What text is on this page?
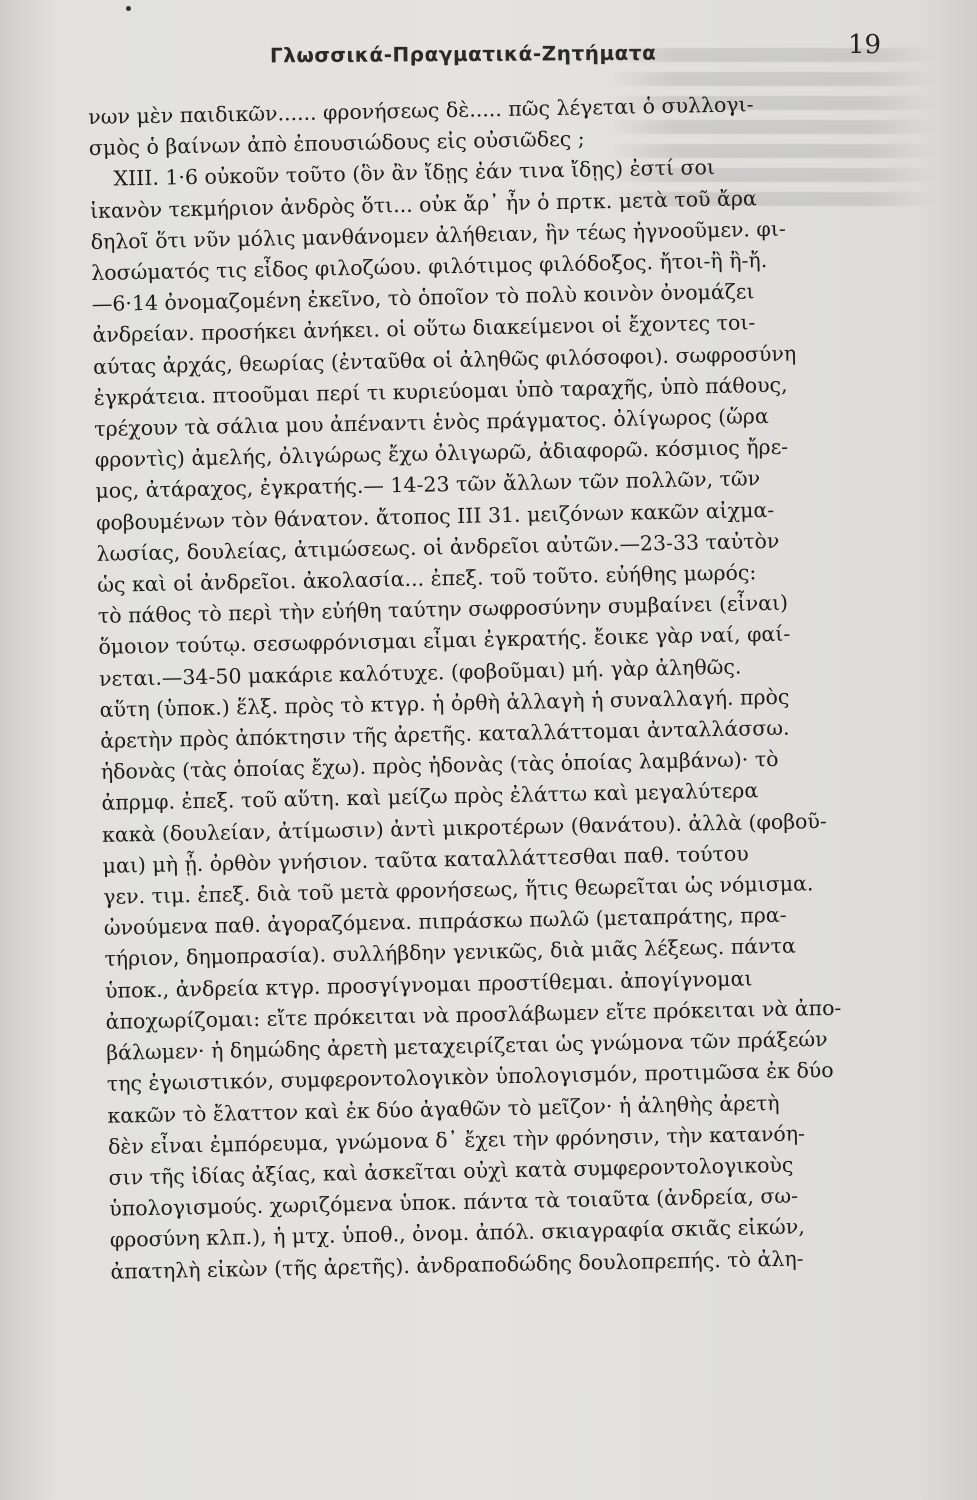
Γλωσσικά-Πραγματικά-Ζητήματα	19
νων μὲν παιδικῶν...... φρονήσεως δὲ..... πῶς λέγεται ὁ συλλογι-
σμὸς ὁ βαίνων ἀπὸ ἐπουσιώδους εἰς οὐσιῶδες ;
XIII. 1·6 οὐκοῦν τοῦτο (ὃν ἂν ἴδῃς ἐάν τινα ἴδῃς) ἐστί σοι
ἱκανὸν τεκμήριον ἀνδρὸς ὅτι... οὐκ ἄρ᾽ ἦν ὁ πρτκ. μετὰ τοῦ ἄρα
δηλοῖ ὅτι νῦν μόλις μανθάνομεν ἀλήθειαν, ἣν τέως ἠγνοοῦμεν. φι-
λοσώματός τις εἶδος φιλοζώου. φιλότιμος φιλόδοξος. ἤτοι-ἢ ἢ-ἤ.
—6·14 ὀνομαζομένη ἐκεῖνο, τὸ ὁποῖον τὸ πολὺ κοινὸν ὀνομάζει
ἀνδρείαν. προσήκει ἀνήκει. οἱ οὕτω διακείμενοι οἱ ἔχοντες τοι-
αύτας ἀρχάς, θεωρίας (ἐνταῦθα οἱ ἀληθῶς φιλόσοφοι). σωφροσύνη
ἐγκράτεια. πτοοῦμαι περί τι κυριεύομαι ὑπὸ ταραχῆς, ὑπὸ πάθους,
τρέχουν τὰ σάλια μου ἀπέναντι ἑνὸς πράγματος. ὀλίγωρος (ὥρα
φροντὶς) ἀμελής, ὀλιγώρως ἔχω ὀλιγωρῶ, ἀδιαφορῶ. κόσμιος ἤρε-
μος, ἀτάραχος, ἐγκρατής.— 14-23 τῶν ἄλλων τῶν πολλῶν, τῶν
φοβουμένων τὸν θάνατον. ἄτοπος III 31. μειζόνων κακῶν αἰχμα-
λωσίας, δουλείας, ἀτιμώσεως. οἱ ἀνδρεῖοι αὐτῶν.—23-33 ταὐτὸν
ὡς καὶ οἱ ἀνδρεῖοι. ἀκολασία... ἐπεξ. τοῦ τοῦτο. εὐήθης μωρός:
τὸ πάθος τὸ περὶ τὴν εὐήθη ταύτην σωφροσύνην συμβαίνει (εἶναι)
ὅμοιον τούτῳ. σεσωφρόνισμαι εἶμαι ἐγκρατής. ἔοικε γὰρ ναί, φαί-
νεται.—34-50 μακάριε καλότυχε. (φοβοῦμαι) μή. γὰρ ἀληθῶς.
αὕτη (ὑποκ.) ἕλξ. πρὸς τὸ κτγρ. ἡ ὀρθὴ ἀλλαγὴ ἡ συναλλαγή. πρὸς
ἀρετὴν πρὸς ἀπόκτησιν τῆς ἀρετῆς. καταλλάττομαι ἀνταλλάσσω.
ἡδονὰς (τὰς ὁποίας ἔχω). πρὸς ἡδονὰς (τὰς ὁποίας λαμβάνω)· τὸ
ἀπρμφ. ἐπεξ. τοῦ αὕτη. καὶ μείζω πρὸς ἐλάττω καὶ μεγαλύτερα
κακὰ (δουλείαν, ἀτίμωσιν) ἀντὶ μικροτέρων (θανάτου). ἀλλὰ (φοβοῦ-
μαι) μὴ ᾖ. ὀρθὸν γνήσιον. ταῦτα καταλλάττεσθαι παθ. τούτου
γεν. τιμ. ἐπεξ. διὰ τοῦ μετὰ φρονήσεως, ἥτις θεωρεῖται ὡς νόμισμα.
ὠνούμενα παθ. ἀγοραζόμενα. πιπράσκω πωλῶ (μεταπράτης, πρα-
τήριον, δημοπρασία). συλλήβδην γενικῶς, διὰ μιᾶς λέξεως. πάντα
ὑποκ., ἀνδρεία κτγρ. προσγίγνομαι προστίθεμαι. ἀπογίγνομαι
ἀποχωρίζομαι: εἴτε πρόκειται νὰ προσλάβωμεν εἴτε πρόκειται νὰ ἀπο-
βάλωμεν· ἡ δημώδης ἀρετὴ μεταχειρίζεται ὡς γνώμονα τῶν πράξεών
της ἐγωιστικόν, συμφεροντολογικὸν ὑπολογισμόν, προτιμῶσα ἐκ δύο
κακῶν τὸ ἔλαττον καὶ ἐκ δύο ἀγαθῶν τὸ μεῖζον· ἡ ἀληθὴς ἀρετὴ
δὲν εἶναι ἐμπόρευμα, γνώμονα δ᾽ ἔχει τὴν φρόνησιν, τὴν κατανόη-
σιν τῆς ἰδίας ἀξίας, καὶ ἀσκεῖται οὐχὶ κατὰ συμφεροντολογικοὺς
ὑπολογισμούς. χωριζόμενα ὑποκ. πάντα τὰ τοιαῦτα (ἀνδρεία, σω-
φροσύνη κλπ.), ἡ μτχ. ὑποθ., ὀνομ. ἀπόλ. σκιαγραφία σκιᾶς εἰκών,
ἀπατηλὴ εἰκὼν (τῆς ἀρετῆς). ἀνδραποδώδης δουλοπρεπής. τὸ ἀλη-
